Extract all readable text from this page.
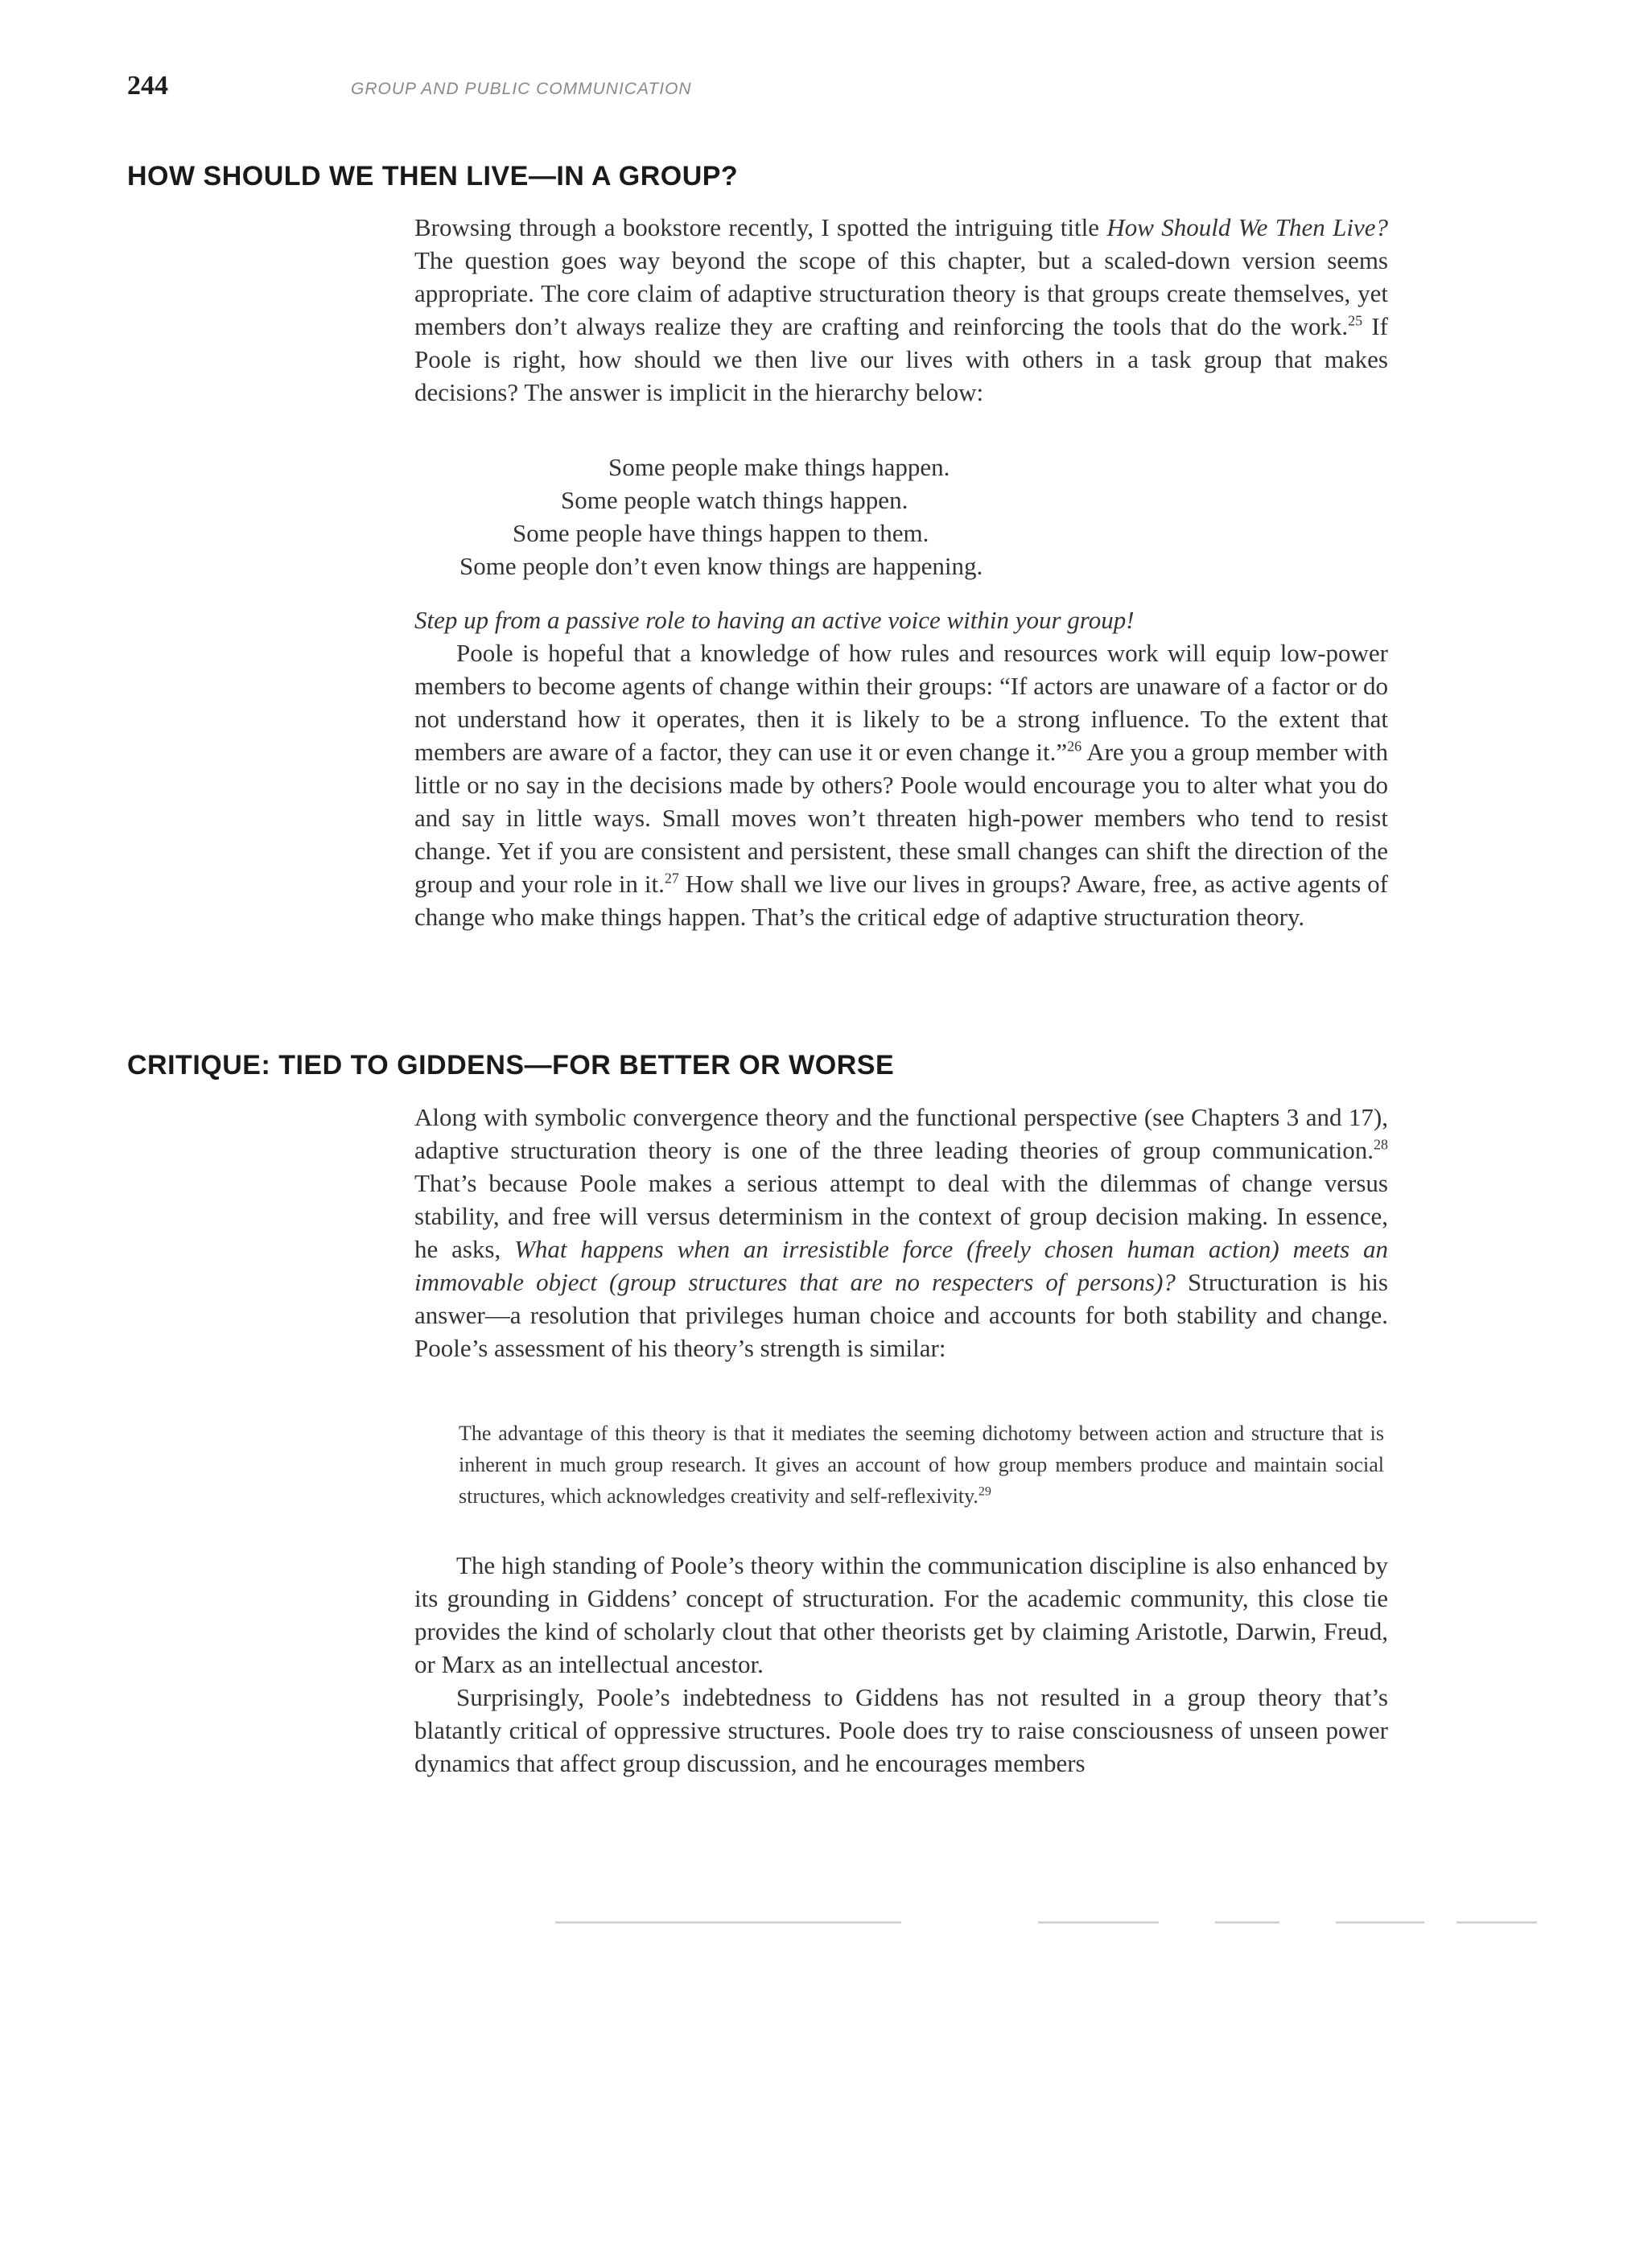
244	GROUP AND PUBLIC COMMUNICATION
HOW SHOULD WE THEN LIVE—IN A GROUP?

Browsing through a bookstore recently, I spotted the intriguing title How Should We Then Live? The question goes way beyond the scope of this chapter, but a scaled-down version seems appropriate. The core claim of adaptive structuration theory is that groups create themselves, yet members don’t always realize they are crafting and reinforcing the tools that do the work.$^{25}$ If Poole is right, how should we then live our lives with others in a task group that makes decisions? The answer is implicit in the hierarchy below:

Some people make things happen.
Some people watch things happen.
Some people have things happen to them.
Some people don’t even know things are happening.

Step up from a passive role to having an active voice within your group!

Poole is hopeful that a knowledge of how rules and resources work will equip low-power members to become agents of change within their groups: “If actors are unaware of a factor or do not understand how it operates, then it is likely to be a strong influence. To the extent that members are aware of a factor, they can use it or even change it.”$^{26}$ Are you a group member with little or no say in the decisions made by others? Poole would encourage you to alter what you do and say in little ways. Small moves won’t threaten high-power members who tend to resist change. Yet if you are consistent and persistent, these small changes can shift the direction of the group and your role in it.$^{27}$ How shall we live our lives in groups? Aware, free, as active agents of change who make things happen. That’s the critical edge of adaptive structuration theory.

CRITIQUE: TIED TO GIDDENS—FOR BETTER OR WORSE

Along with symbolic convergence theory and the functional perspective (see Chapters 3 and 17), adaptive structuration theory is one of the three leading theories of group communication.$^{28}$ That’s because Poole makes a serious attempt to deal with the dilemmas of change versus stability, and free will versus determinism in the context of group decision making. In essence, he asks, What happens when an irresistible force (freely chosen human action) meets an immovable object (group structures that are no respecters of persons)? Structuration is his answer—a resolution that privileges human choice and accounts for both stability and change. Poole’s assessment of his theory’s strength is similar:

The advantage of this theory is that it mediates the seeming dichotomy between action and structure that is inherent in much group research. It gives an account of how group members produce and maintain social structures, which acknowledges creativity and self-reflexivity.$^{29}$

The high standing of Poole’s theory within the communication discipline is also enhanced by its grounding in Giddens’ concept of structuration. For the academic community, this close tie provides the kind of scholarly clout that other theorists get by claiming Aristotle, Darwin, Freud, or Marx as an intellectual ancestor.

Surprisingly, Poole’s indebtedness to Giddens has not resulted in a group theory that’s blatantly critical of oppressive structures. Poole does try to raise consciousness of unseen power dynamics that affect group discussion, and he encourages members
